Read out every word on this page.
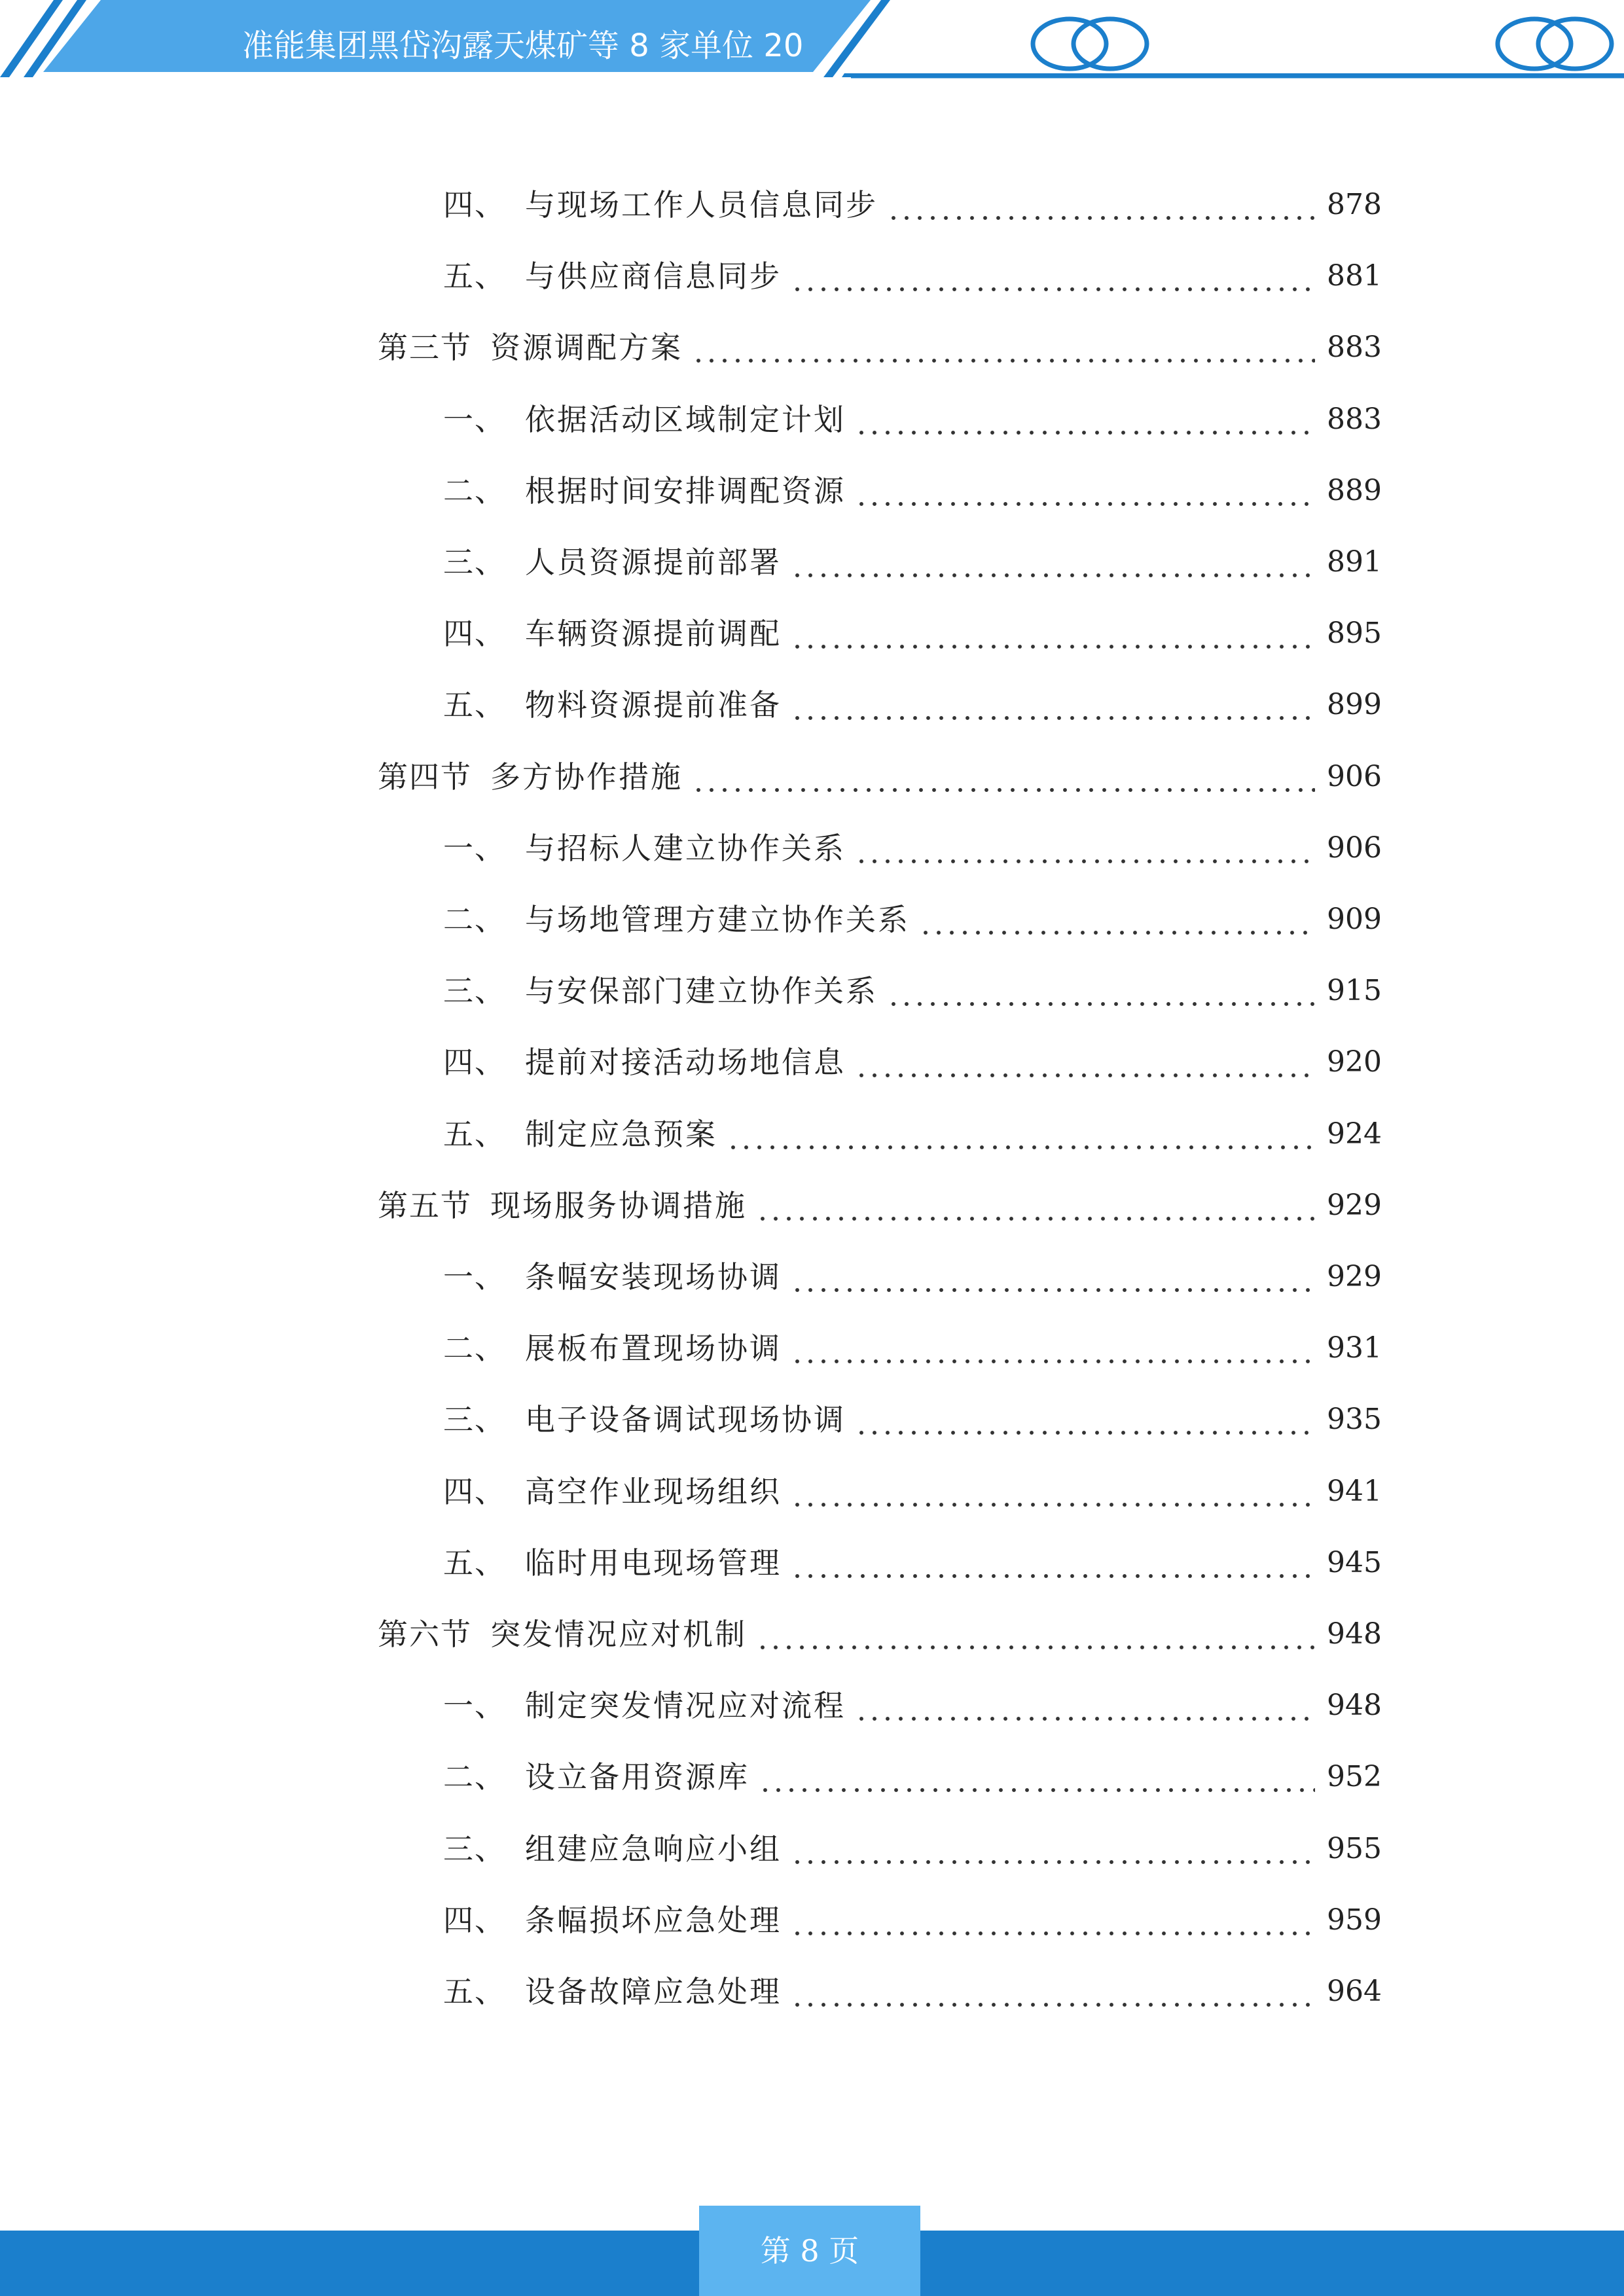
准能集团黑岱沟露天煤矿等 8 家单位 20
四、 与现场工作人员信息同步	878
五、 与供应商信息同步	881
第三节 资源调配方案	883
一、 依据活动区域制定计划	883
二、 根据时间安排调配资源	889
三、 人员资源提前部署	891
四、 车辆资源提前调配	895
五、 物料资源提前准备	899
第四节 多方协作措施	906
一、 与招标人建立协作关系	906
二、 与场地管理方建立协作关系	909
三、 与安保部门建立协作关系	915
四、 提前对接活动场地信息	920
五、 制定应急预案	924
第五节 现场服务协调措施	929
一、 条幅安装现场协调	929
二、 展板布置现场协调	931
三、 电子设备调试现场协调	935
四、 高空作业现场组织	941
五、 临时用电现场管理	945
第六节 突发情况应对机制	948
一、 制定突发情况应对流程	948
二、 设立备用资源库	952
三、 组建应急响应小组	955
四、 条幅损坏应急处理	959
五、 设备故障应急处理	964
第 8 页
